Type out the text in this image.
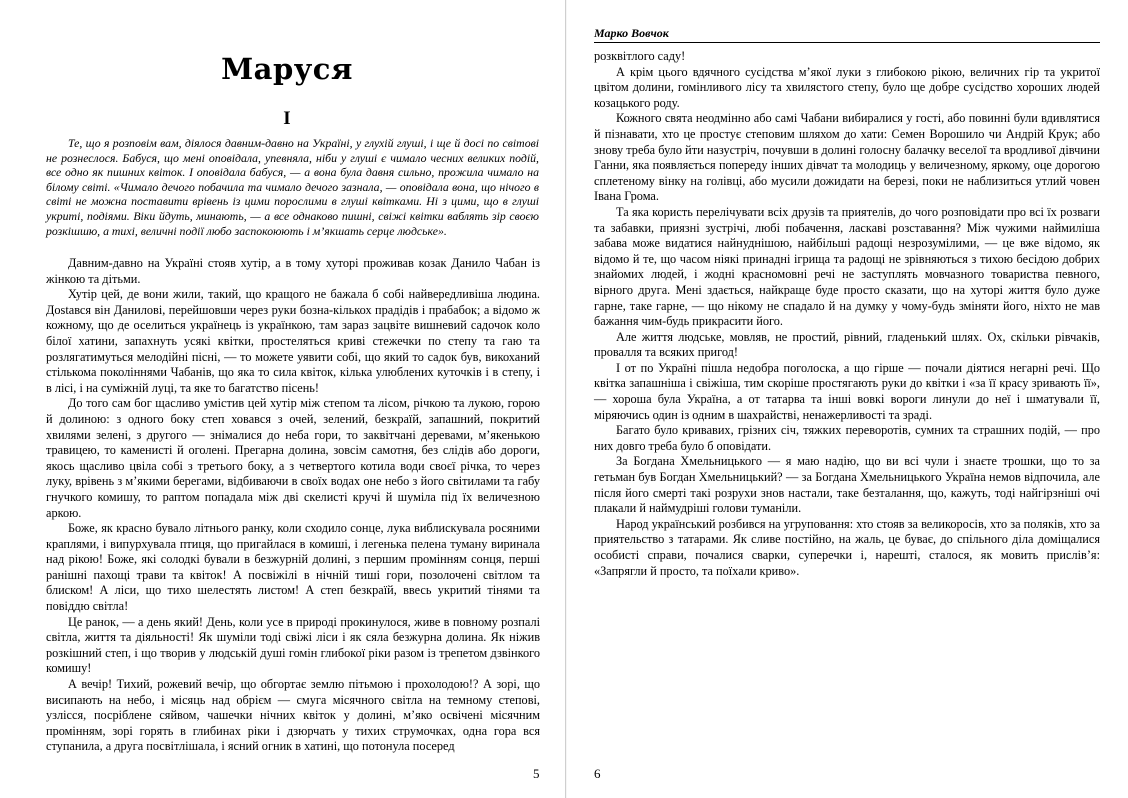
Маруся
I

Те, що я розповім вам, діялося давним-давно на Україні, у глухій глуші, і ще й досі по світові не рознеслося. Бабуся, що мені оповідала, упевняла, ніби у глуші є чимало чесних великих подій, все одно як пишних квіток. І оповідала бабуся, — а вона була давня сильно, прожила чимало на білому світі. «Чимало дечого побачила та чимало дечого зазнала, — оповідала вона, що нічого в світі не можна поставити врівень із цими порослими в глуші квітками. Ні з цими, що в глуші укриті, подіями. Віки йдуть, минають, — а все однаково пишні, свіжі квітки ваблять зір своєю розкішшю, а тихі, величні події любо заспокоюють і м’якшать серце людське».

Давним-давно на Україні стояв хутір, а в тому хуторі проживав козак Данило Чабан із жінкою та дітьми.

Хутір цей, де вони жили, такий, що кращого не бажала б собі найвередливіша людина. Дostався він Данилові, перейшовши через руки бозна-кількох прадідів і прабабок; а відомо ж кожному, що де оселиться українець із українкою, там зараз зацвіте вишневий садочок коло білої хатини, запахнуть усякі квітки, простеляться криві стежечки по степу та гаю та розлягатимуться мелодійні пісні, — то можете уявити собі, що який то садок був, викоханий стількома поколіннями Чабанів, що яка то сила квіток, кілька улюблених куточків і в степу, і в лісі, і на суміжній луці, та яке то багатство пісень!

До того сам бог щасливо умістив цей хутір між степом та лісом, річкою та лукою, горою й долиною: з одного боку степ ховався з очей, зелений, безкраїй, запашний, покритий хвилями зелені, з другого — знімалися до неба гори, то заквітчані деревами, м’якенькою травицею, то каменисті й оголені. Прегарна долина, зовсім самотня, без слідів або дороги, якось щасливо цвіла собі з третього боку, а з четвертого котила води своєї річка, то через луку, врівень з м’якими берегами, відбиваючи в своїх водах оне небо з його світилами та габу гнучкого комишу, то раптом попадала між дві скелисті кручі й шуміла під їх величезною аркою.

Боже, як красно бувало літнього ранку, коли сходило сонце, лука виблискувала росяними краплями, і випурхувала птиця, що пригайлася в комиші, і легенька пелена туману виринала над рікою! Боже, які солодкі бували в безжурній долині, з першим промінням сонця, перші ранішні пахощі трави та квіток! А посвіжілі в нічній тиші гори, позолочені світлом та блиском! А ліси, що тихо шелестять листом! А степ безкраїй, ввесь укритий тінями та повіддю світла!

Це ранок, — а день який! День, коли усе в природі прокинулося, живе в повному розпалі світла, життя та діяльності! Як шуміли тоді свіжі ліси і як сяла безжурна долина. Як ніжив розкішний степ, і що творив у людській душі гомін глибокої ріки разом із трепетом дзвінкого комишу!

А вечір! Тихий, рожевий вечір, що обгортає землю пітьмою і прохолодою!? А зорі, що висипають на небо, і місяць над обрієм — смуга місячного світла на темному степові, узлісся, посріблене сяйвом, чашечки нічних квіток у долині, м’яко освічені місячним промінням, зорі горять в глибинах ріки і дзюрчать у тихих струмочках, одна гора вся ступанила, а друга посвітлішала, і ясний огник в хатині, що потонула посеред

5
Марко Вовчок

розквітлого саду!

А крім цього вдячного сусідства м’якої луки з глибокою рікою, величних гір та укритої цвітом долини, гомінливого лісу та хвилястого степу, було ще добре сусідство хороших людей козацького роду.

Кожного свята неодмінно або самі Чабани вибиралися у гості, або повинні були вдивлятися й пізнавати, хто це простує степовим шляхом до хати: Семен Ворошило чи Андрій Крук; або знову треба було йти назустріч, почувши в долині голосну балачку веселої та вродливої дівчини Ганни, яка появляється попереду інших дівчат та молодиць у величезному, яркому, оце дорогою сплетеному вінку на голівці, або мусили дожидати на березі, поки не наблизиться утлий човен Івана Грома.

Та яка користь перелічувати всіх друзів та приятелів, до чого розповідати про всі їх розваги та забавки, приязні зустрічі, любі побачення, ласкаві розставання? Між чужими наймиліша забава може видатися найнуднішою, найбільші радощі незрозумілими, — це вже відомо, як відомо й те, що часом ніякі принадні ігрища та радощі не зрівняються з тихою бесідою добрих знайомих людей, і жодні красномовні речі не заступлять мовчазного товариства певного, вірного друга. Мені здається, найкраще буде просто сказати, що на хуторі життя було дуже гарне, таке гарне, — що нікому не спадало й на думку у чому-будь зміняти його, ніхто не мав бажання чим-будь прикрасити його.

Але життя людське, мовляв, не простий, рівний, гладенький шлях. Ох, скільки рівчаків, провалля та всяких пригод!

І от по Україні пішла недобра поголоска, а що гірше — почали діятися негарні речі. Що квітка запашніша і свіжіша, тим скоріше простягають руки до квітки і «за її красу зривають її», — хороша була Україна, а от татарва та інші вовкі вороги линули до неї і шматували її, міряючись один із одним в шахрайстві, ненажерливості та зраді.

Багато було кривавих, грізних січ, тяжких переворотів, сумних та страшних подій, — про них довго треба було б оповідати.

За Богдана Хмельницького — я маю надію, що ви всі чули і знаєте трошки, що то за гетьман був Богдан Хмельницький? — за Богдана Хмельницького Україна немов відпочила, але після його смерті такі розрухи знов настали, таке безталання, що, кажуть, тоді найгірзніші очі плакали й наймудріші голови туманіли.

Народ український розбився на угруповання: хто стояв за великоросів, хто за поляків, хто за приятельство з татарами. Як сливе постійно, на жаль, це буває, до спільного діла доміщалися особисті справи, почалися сварки, суперечки і, нарешті, сталося, як мовить прислів’я: «Запрягли й просто, та поїхали криво».

6
